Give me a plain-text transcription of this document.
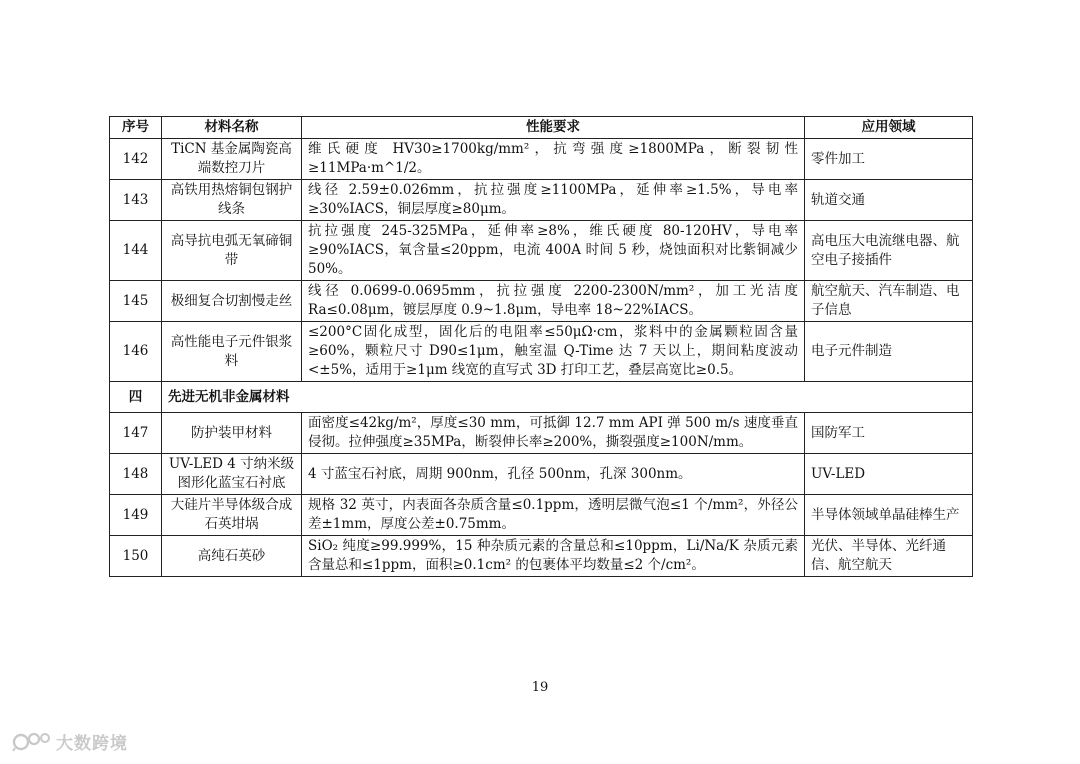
序号	材料名称	性能要求	应用领域
142	TiCN 基金属陶瓷高端数控刀片	维氏硬度 HV30≥1700kg/mm²，抗弯强度≥1800MPa，断裂韧性≥11MPa·m^1/2。	零件加工
143	高铁用热熔铜包钢护线条	线径 2.59±0.026mm，抗拉强度≥1100MPa，延伸率≥1.5%，导电率≥30%IACS，铜层厚度≥80μm。	轨道交通
144	高导抗电弧无氧碲铜带	抗拉强度 245-325MPa，延伸率≥8%，维氏硬度 80-120HV，导电率≥90%IACS，氧含量≤20ppm，电流 400A 时间 5 秒，烧蚀面积对比紫铜减少 50%。	高电压大电流继电器、航空电子接插件
145	极细复合切割慢走丝	线径 0.0699-0.0695mm，抗拉强度 2200-2300N/mm²，加工光洁度 Ra≤0.08μm，镀层厚度 0.9~1.8μm，导电率 18~22%IACS。	航空航天、汽车制造、电子信息
146	高性能电子元件银浆料	≤200°C固化成型，固化后的电阻率≤50μΩ·cm，浆料中的金属颗粒固含量≥60%，颗粒尺寸 D90≤1μm，触室温 Q-Time 达 7 天以上，期间粘度波动<±5%，适用于≥1μm 线宽的直写式 3D 打印工艺，叠层高宽比≥0.5。	电子元件制造
四	先进无机非金属材料		
147	防护装甲材料	面密度≤42kg/m²，厚度≤30 mm，可抵御 12.7 mm API 弹 500 m/s 速度垂直侵彻。拉伸强度≥35MPa，断裂伸长率≥200%，撕裂强度≥100N/mm。	国防军工
148	UV-LED 4 寸纳米级图形化蓝宝石衬底	4 寸蓝宝石衬底，周期 900nm，孔径 500nm，孔深 300nm。	UV-LED
149	大硅片半导体级合成石英坩埚	规格 32 英寸，内表面各杂质含量≤0.1ppm，透明层微气泡≤1 个/mm²，外径公差±1mm，厚度公差±0.75mm。	半导体领域单晶硅棒生产
150	高纯石英砂	SiO₂ 纯度≥99.999%，15 种杂质元素的含量总和≤10ppm，Li/Na/K 杂质元素含量总和≤1ppm，面积≥0.1cm² 的包裹体平均数量≤2 个/cm²。	光伏、半导体、光纤通信、航空航天
19
大数跨境
